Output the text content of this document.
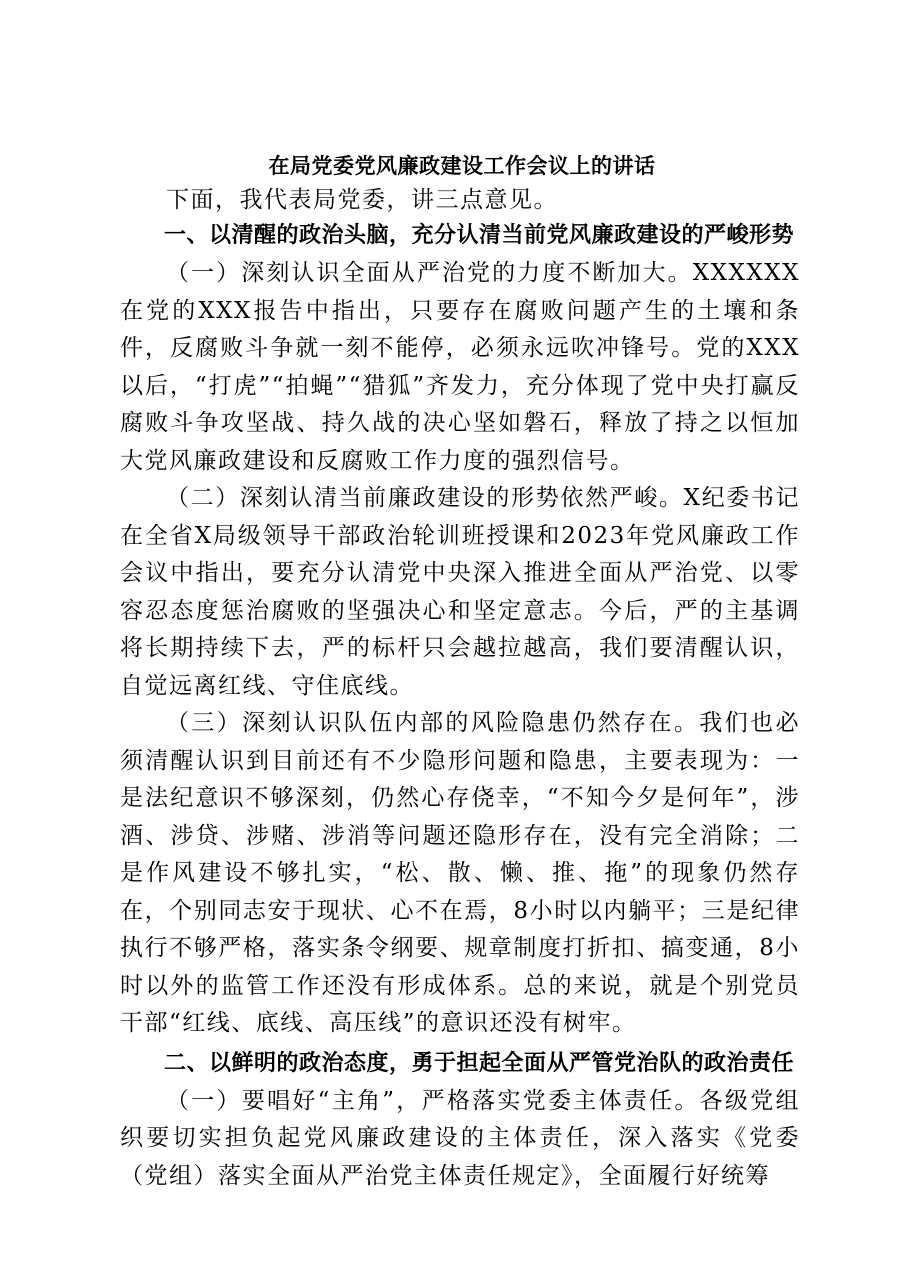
在局党委党风廉政建设工作会议上的讲话

下面，我代表局党委，讲三点意见。

一、以清醒的政治头脑，充分认清当前党风廉政建设的严峻形势

（一）深刻认识全面从严治党的力度不断加大。XXXXXX在党的XXX报告中指出，只要存在腐败问题产生的土壤和条件，反腐败斗争就一刻不能停，必须永远吹冲锋号。党的XXX以后，“打虎”“拍蝇”“猎狐”齐发力，充分体现了党中央打赢反腐败斗争攻坚战、持久战的决心坚如磐石，释放了持之以恒加大党风廉政建设和反腐败工作力度的强烈信号。

（二）深刻认清当前廉政建设的形势依然严峻。X纪委书记在全省X局级领导干部政治轮训班授课和2023年党风廉政工作会议中指出，要充分认清党中央深入推进全面从严治党、以零容忍态度惩治腐败的坚强决心和坚定意志。今后，严的主基调将长期持续下去，严的标杆只会越拉越高，我们要清醒认识，自觉远离红线、守住底线。

（三）深刻认识队伍内部的风险隐患仍然存在。我们也必须清醒认识到目前还有不少隐形问题和隐患，主要表现为：一是法纪意识不够深刻，仍然心存侥幸，“不知今夕是何年”，涉酒、涉贷、涉赌、涉消等问题还隐形存在，没有完全消除；二是作风建设不够扎实，“松、散、懒、推、拖”的现象仍然存在，个别同志安于现状、心不在焉，8小时以内躺平；三是纪律执行不够严格，落实条令纲要、规章制度打折扣、搞变通，8小时以外的监管工作还没有形成体系。总的来说，就是个别党员干部“红线、底线、高压线”的意识还没有树牢。

二、以鲜明的政治态度，勇于担起全面从严管党治队的政治责任

（一）要唱好“主角”，严格落实党委主体责任。各级党组织要切实担负起党风廉政建设的主体责任，深入落实《党委（党组）落实全面从严治党主体责任规定》，全面履行好统筹
